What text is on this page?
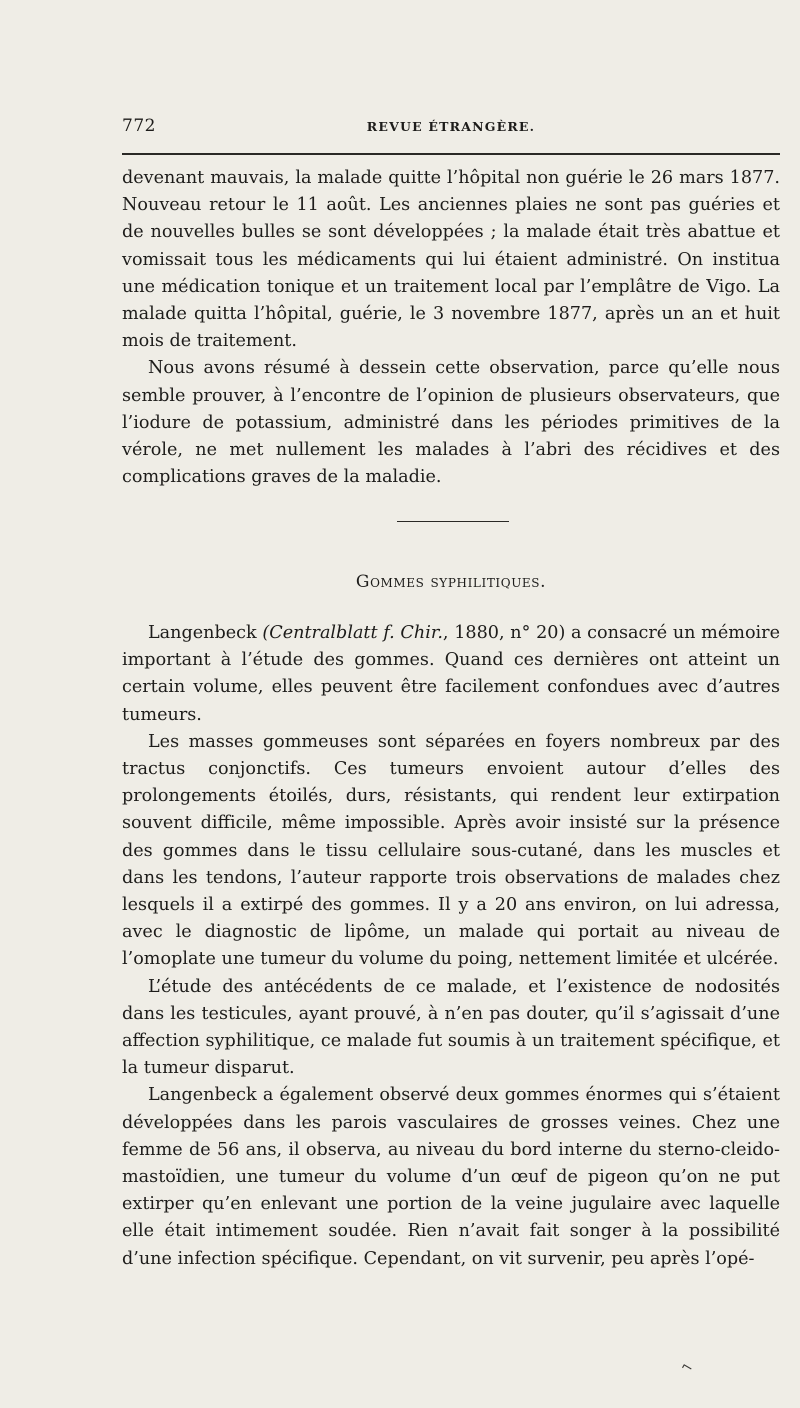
772	REVUE ÉTRANGÈRE.

devenant mauvais, la malade quitte l’hôpital non guérie le 26 mars 1877. Nouveau retour le 11 août. Les anciennes plaies ne sont pas guéries et de nouvelles bulles se sont développées ; la malade était très abattue et vomissait tous les médicaments qui lui étaient administré. On institua une médication tonique et un traitement local par l’emplâtre de Vigo. La malade quitta l’hôpital, guérie, le 3 novembre 1877, après un an et huit mois de traitement.

Nous avons résumé à dessein cette observation, parce qu’elle nous semble prouver, à l’encontre de l’opinion de plusieurs observateurs, que l’iodure de potassium, administré dans les périodes primitives de la vérole, ne met nullement les malades à l’abri des récidives et des complications graves de la maladie.

Gommes syphilitiques.

Langenbeck (Centralblatt f. Chir., 1880, n° 20) a consacré un mémoire important à l’étude des gommes. Quand ces dernières ont atteint un certain volume, elles peuvent être facilement confondues avec d’autres tumeurs.

Les masses gommeuses sont séparées en foyers nombreux par des tractus conjonctifs. Ces tumeurs envoient autour d’elles des prolongements étoilés, durs, résistants, qui rendent leur extirpation souvent difficile, même impossible. Après avoir insisté sur la présence des gommes dans le tissu cellulaire sous-cutané, dans les muscles et dans les tendons, l’auteur rapporte trois observations de malades chez lesquels il a extirpé des gommes. Il y a 20 ans environ, on lui adressa, avec le diagnostic de lipôme, un malade qui portait au niveau de l’omoplate une tumeur du volume du poing, nettement limitée et ulcérée.

L’étude des antécédents de ce malade, et l’existence de nodosités dans les testicules, ayant prouvé, à n’en pas douter, qu’il s’agissait d’une affection syphilitique, ce malade fut soumis à un traitement spécifique, et la tumeur disparut.

Langenbeck a également observé deux gommes énormes qui s’étaient développées dans les parois vasculaires de grosses veines. Chez une femme de 56 ans, il observa, au niveau du bord interne du sterno-cleido-mastoïdien, une tumeur du volume d’un œuf de pigeon qu’on ne put extirper qu’en enlevant une portion de la veine jugulaire avec laquelle elle était intimement soudée. Rien n’avait fait songer à la possibilité d’une infection spécifique. Cependant, on vit survenir, peu après l’opé-

⌐
